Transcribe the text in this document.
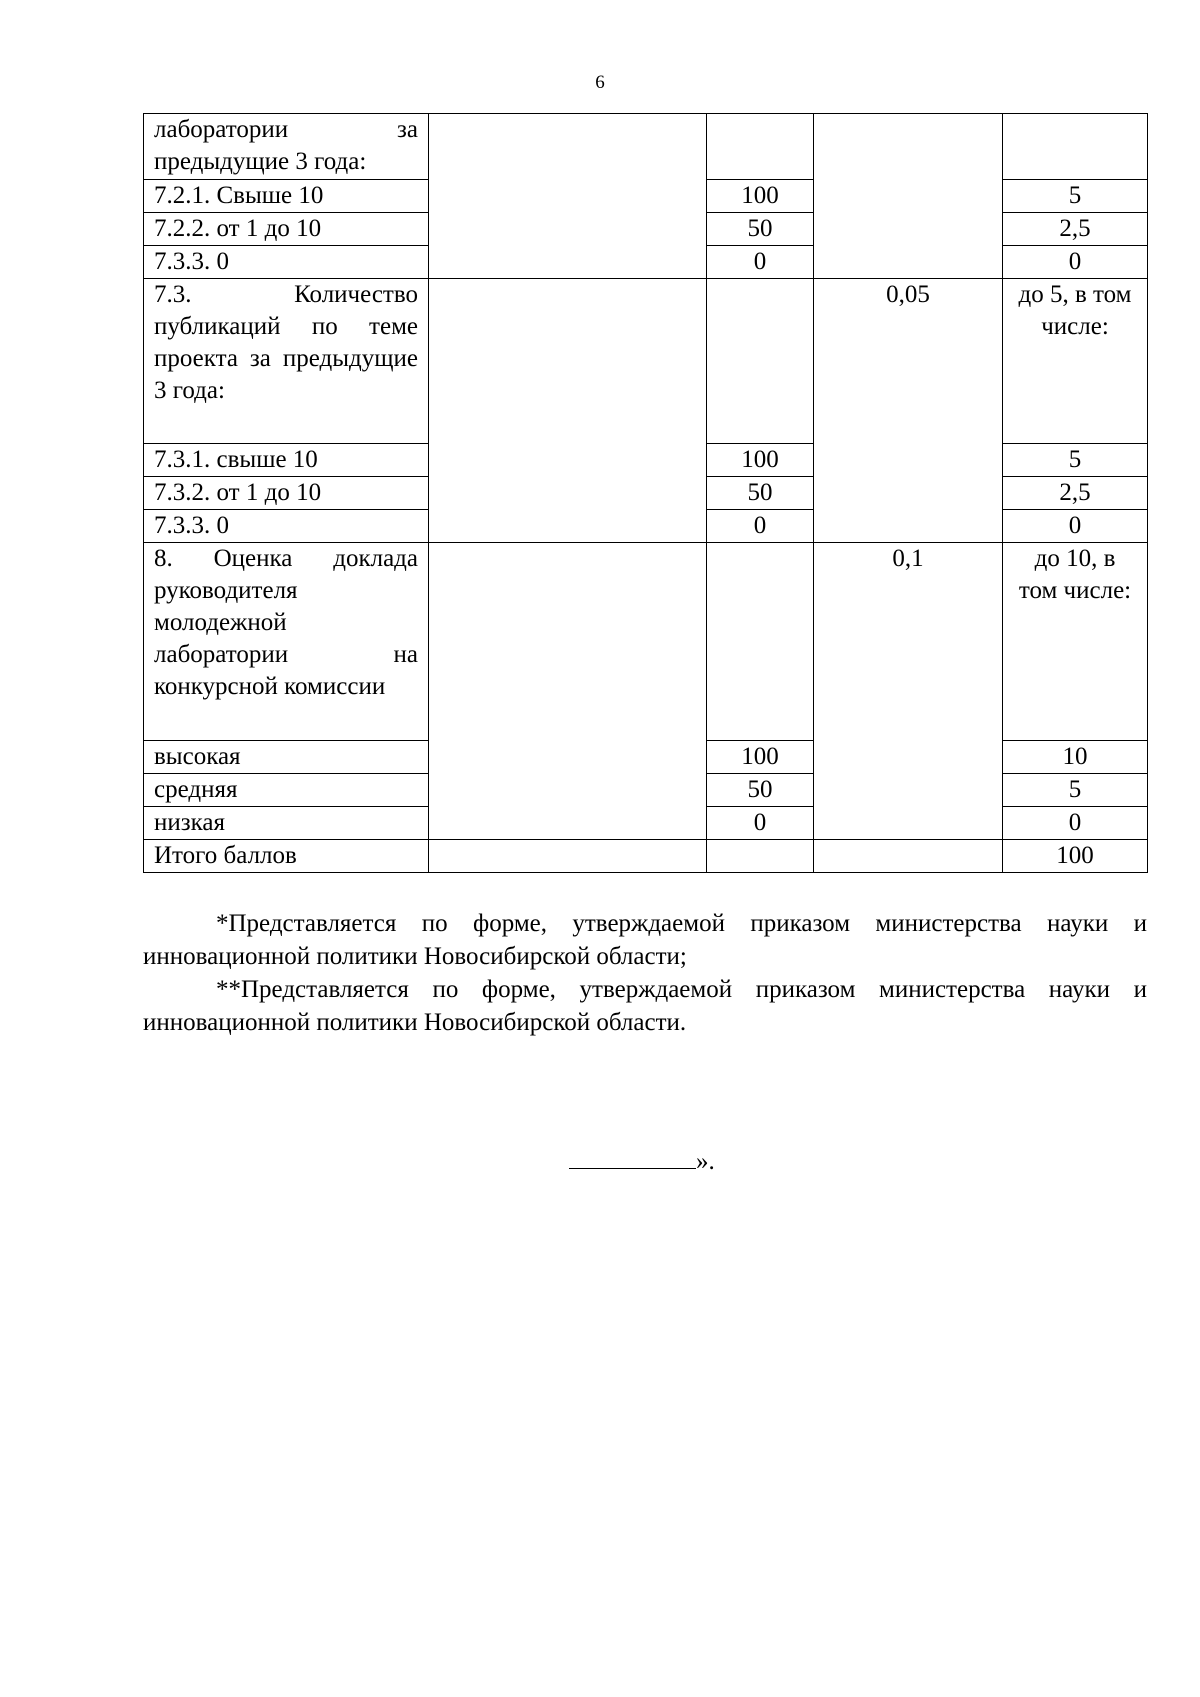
6
лаборатории за предыдущие 3 года:				
7.2.1. Свыше 10		100		5
7.2.2. от 1 до 10		50		2,5
7.3.3. 0		0		0
7.3. Количество публикаций по теме проекта за предыдущие 3 года:			0,05	до 5, в том числе:
7.3.1. свыше 10		100		5
7.3.2. от 1 до 10		50		2,5
7.3.3. 0		0		0
8. Оценка доклада руководителя молодежной лаборатории на конкурсной комиссии			0,1	до 10, в том числе:
высокая		100		10
средняя		50		5
низкая		0		0
Итого баллов				100

*Представляется по форме, утверждаемой приказом министерства науки и инновационной политики Новосибирской области;

**Представляется по форме, утверждаемой приказом министерства науки и инновационной политики Новосибирской области.

».
